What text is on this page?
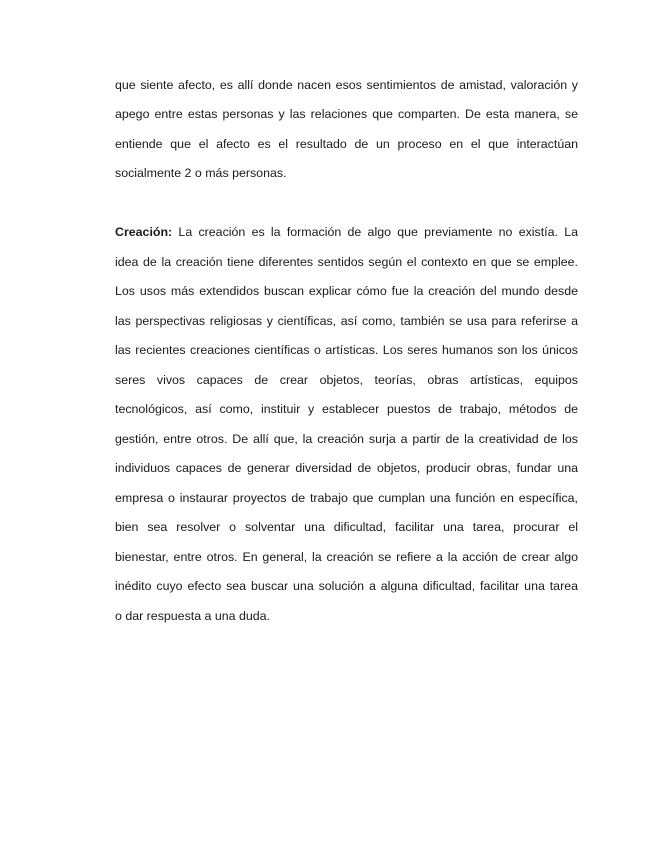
que siente afecto, es allí donde nacen esos sentimientos de amistad, valoración y
apego entre estas personas y las relaciones que comparten. De esta manera, se
entiende que el afecto es el resultado de un proceso en el que interactúan
socialmente 2 o más personas.
Creación: La creación es la formación de algo que previamente no existía. La
idea de la creación tiene diferentes sentidos según el contexto en que se emplee.
Los usos más extendidos buscan explicar cómo fue la creación del mundo desde
las perspectivas religiosas y científicas, así como, también se usa para referirse a
las recientes creaciones científicas o artísticas. Los seres humanos son los únicos
seres vivos capaces de crear objetos, teorías, obras artísticas, equipos
tecnológicos, así como, instituir y establecer puestos de trabajo, métodos de
gestión, entre otros. De allí que, la creación surja a partir de la creatividad de los
individuos capaces de generar diversidad de objetos, producir obras, fundar una
empresa o instaurar proyectos de trabajo que cumplan una función en específica,
bien sea resolver o solventar una dificultad, facilitar una tarea, procurar el
bienestar, entre otros. En general, la creación se refiere a la acción de crear algo
inédito cuyo efecto sea buscar una solución a alguna dificultad, facilitar una tarea
o dar respuesta a una duda.
